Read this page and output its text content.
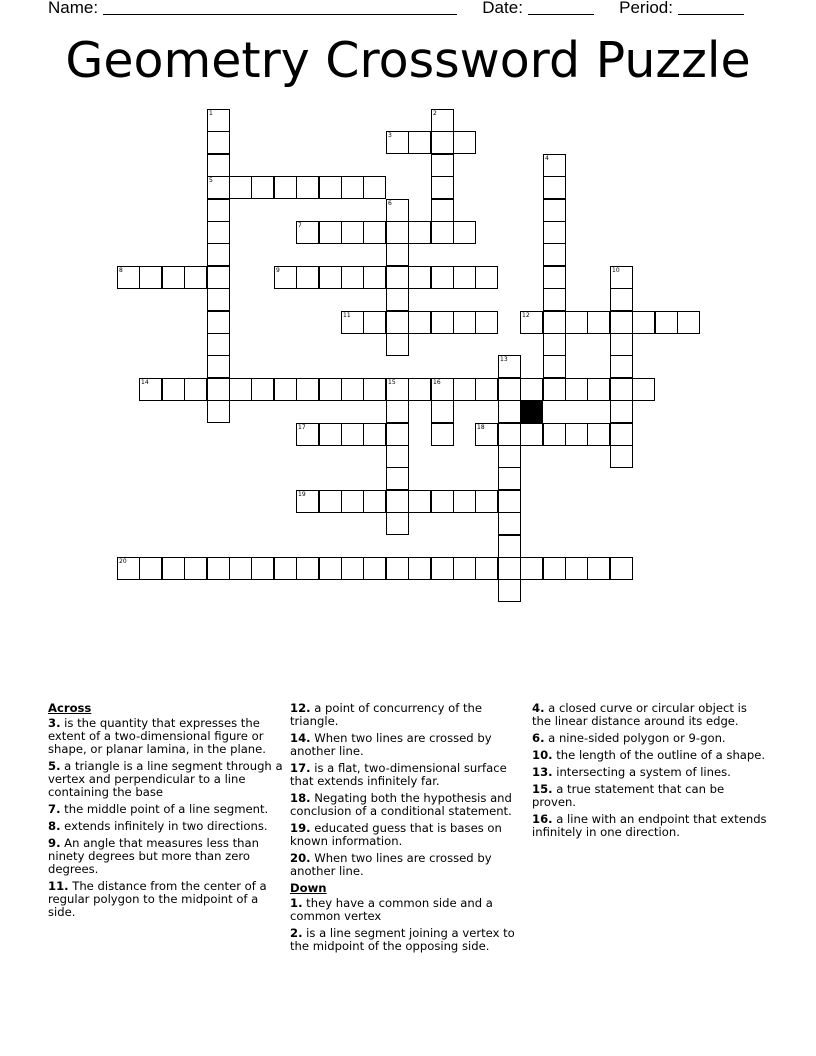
Name:	Date:	Period:
Geometry Crossword Puzzle
1
5
2
3
4
6
7
8	9	10
11	12
13
14	15	16
17	18
19
20
Across
3. is the quantity that expresses the extent of a two-dimensional figure or shape, or planar lamina, in the plane.
5. a triangle is a line segment through a vertex and perpendicular to a line containing the base
7. the middle point of a line segment.
8. extends infinitely in two directions.
9. An angle that measures less than ninety degrees but more than zero degrees.
11. The distance from the center of a regular polygon to the midpoint of a side.
12. a point of concurrency of the triangle.
14. When two lines are crossed by another line.
17. is a flat, two-dimensional surface that extends infinitely far.
18. Negating both the hypothesis and conclusion of a conditional statement.
19. educated guess that is bases on known information.
20. When two lines are crossed by another line.
Down
1. they have a common side and a common vertex
2. is a line segment joining a vertex to the midpoint of the opposing side.
4. a closed curve or circular object is the linear distance around its edge.
6. a nine-sided polygon or 9-gon.
10. the length of the outline of a shape.
13. intersecting a system of lines.
15. a true statement that can be proven.
16. a line with an endpoint that extends infinitely in one direction.
